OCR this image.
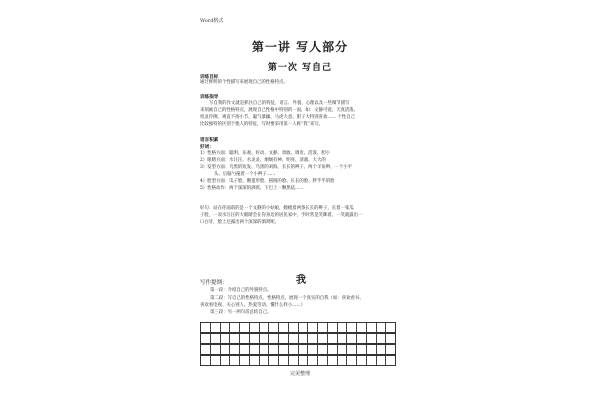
Word格式
第一讲 写人部分
第一次 写自己
训练目标
通过鲜明的个性描写来展现自己的性格特点。
训练指导
写自我的作文就是抓住自己的特征，语言、外貌、心理以及一些细节描写
来刻画自己的性格特点，展现自己性格中特别的一面，如：文静可爱、天真活泼、
机灵伶俐、爽直不拘小节、聪气暴躁、马虎大意、胆子大特别喜欢…… 个性自己
比较独特的区别于他人的特征，写时要采用第一人称“我”来写。
语言积累
好词：
1）性格方面：聪明、乐观、好动、文静、勇敢、调皮、活泼、胆小
2）眼睛方面：水汪汪、水灵灵、炯炯有神、明亮、清澈、大大的
3）发型方面：乌黑的短发、乌黑的刘海、长长的辫子、两个羊角辫、一个小平
头、后脑勺拖着一个小辫子……
4）脸型方面：瓜子脸、鹅蛋形脸、圆圆的脸、长长的脸、胖乎乎的脸
5）性格动作：两个深深的酒窝、下巴上一颗黑痣……
好句：站在你面前的是一个文静的小姑娘，她梳着两条长长的辫子，长着一张瓜
子脸，一双水汪汪的大眼睛会在你身边的居民家中，手时常是笑眯着，一笑就露出一
口白牙，脸上还露出两个深深的酒窝呢。
写作提纲：	我
第一段：介绍自己的外貌特点。
第二段：写自己的性格特点，性格特点，展现一个真实的自我（如：喜欢看书、
喜欢看电视、关心别人、热爱劳动、懂什么样小......）
第三段：另一两句话总结自己。
完美整理
